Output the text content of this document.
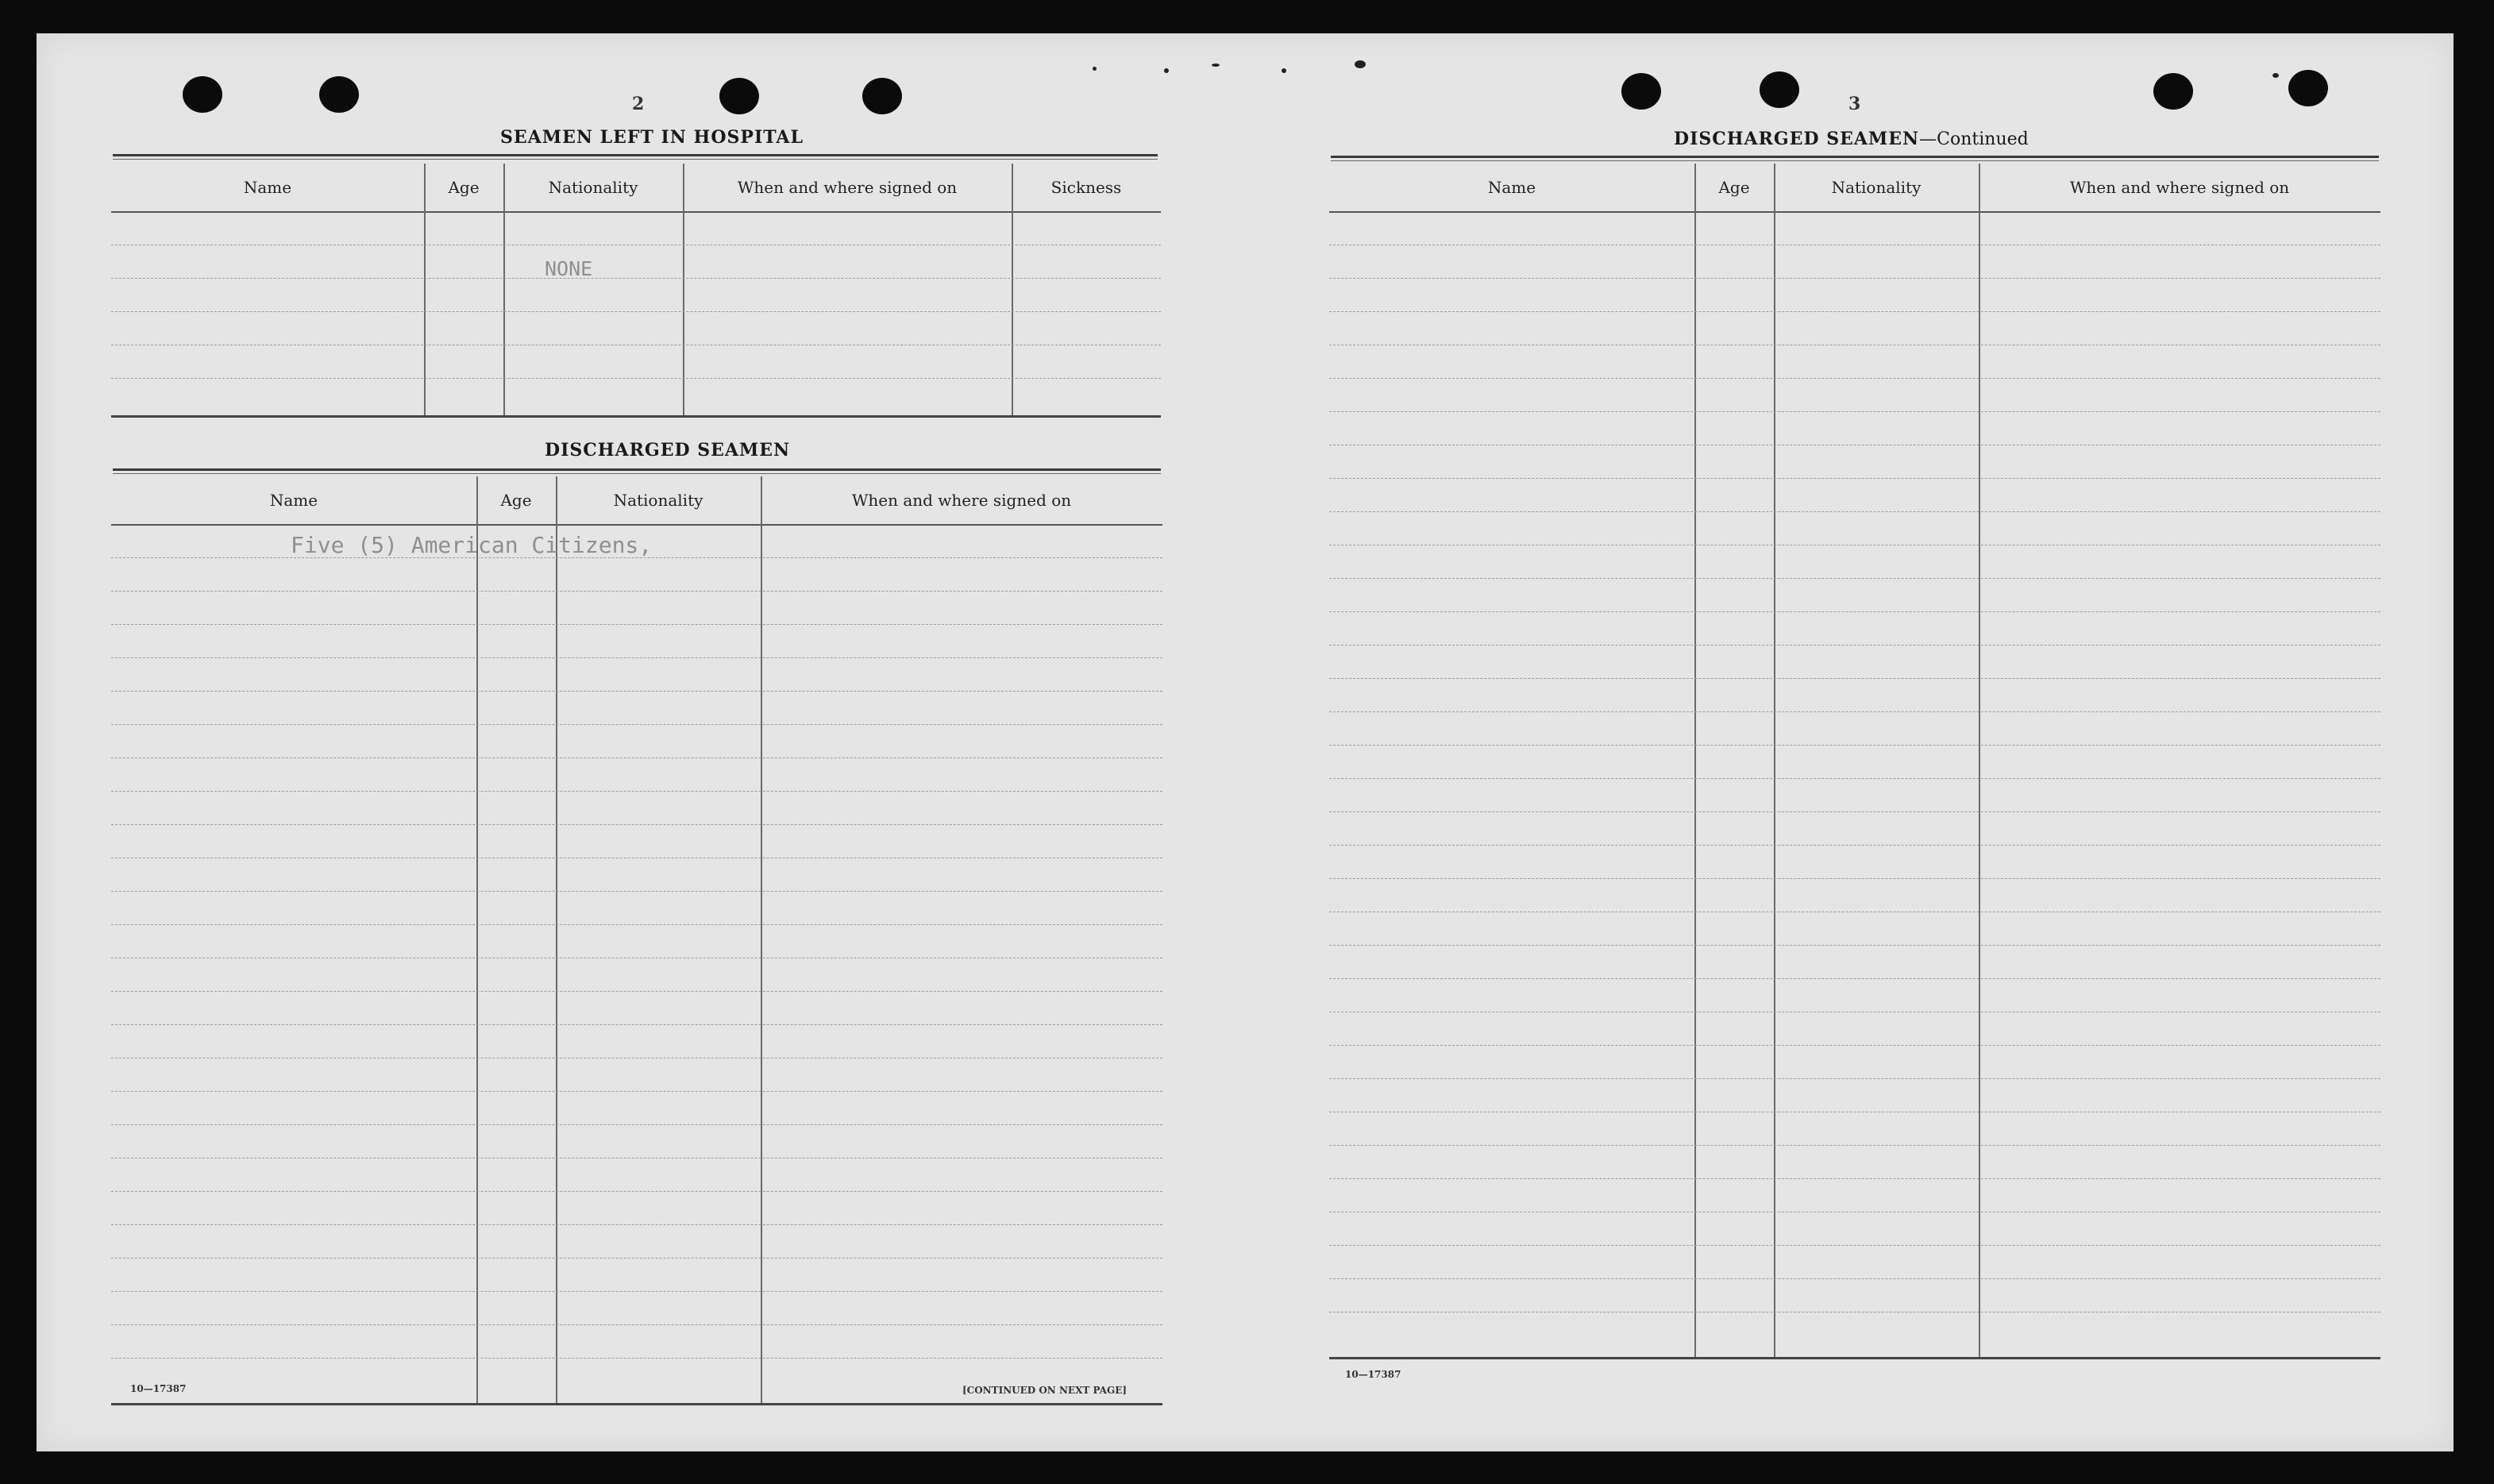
2
SEAMEN LEFT IN HOSPITAL
Name	Age	Nationality	When and where signed on	Sickness
NONE
DISCHARGED SEAMEN
Name	Age	Nationality	When and where signed on
Five (5) American Citizens,
10—17387	[CONTINUED ON NEXT PAGE]
3
DISCHARGED SEAMEN—Continued
Name	Age	Nationality	When and where signed on
10—17387
